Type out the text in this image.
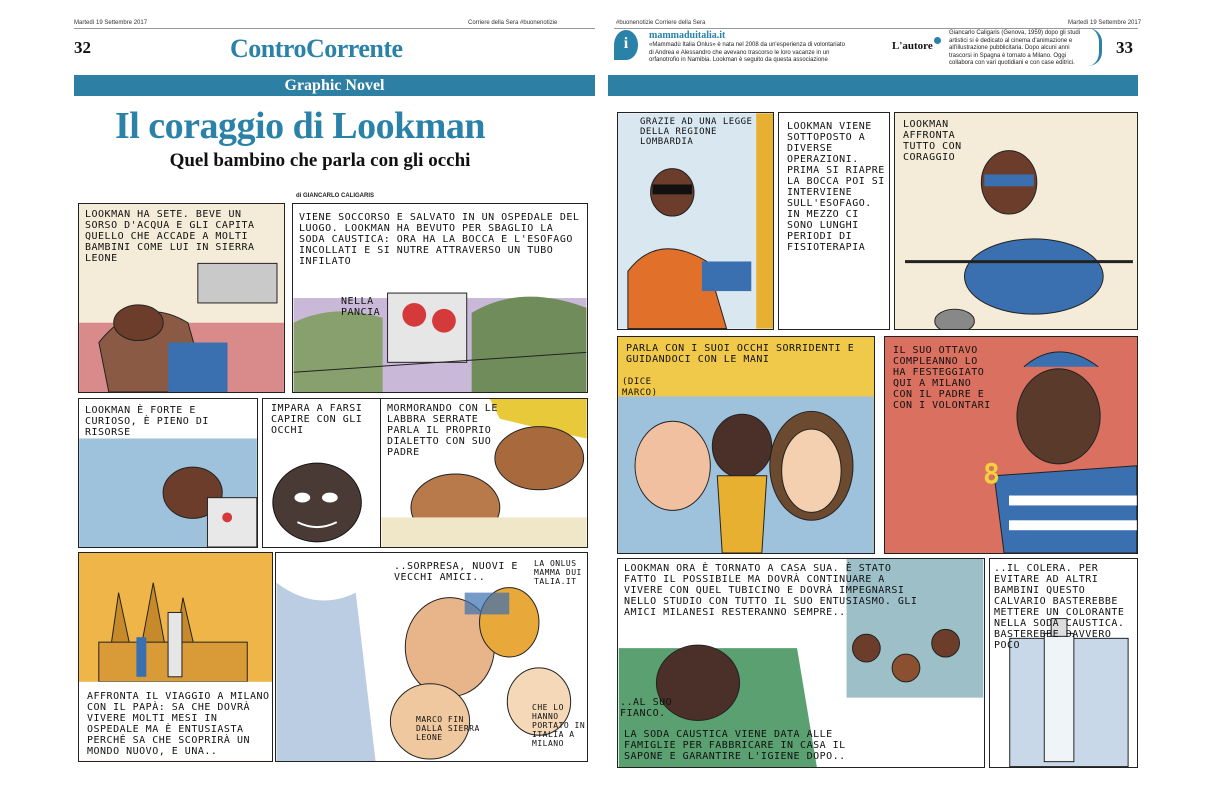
Martedì 19 Settembre 2017	Corriere della Sera #buonenotizie
32	ControCorrente
Graphic Novel
Il coraggio di Lookman
Quel bambino che parla con gli occhi
di GIANCARLO CALIGARIS
LOOKMAN HA SETE. BEVE UN SORSO D'ACQUA E GLI CAPITA QUELLO CHE ACCADE A MOLTI BAMBINI COME LUI IN SIERRA LEONE
VIENE SOCCORSO E SALVATO IN UN OSPEDALE DEL LUOGO. LOOKMAN HA BEVUTO PER SBAGLIO LA SODA CAUSTICA: ORA HA LA BOCCA E L'ESOFAGO INCOLLATI E SI NUTRE ATTRAVERSO UN TUBO INFILATO
NELLA PANCIA
LOOKMAN È FORTE E CURIOSO, È PIENO DI RISORSE
IMPARA A FARSI CAPIRE CON GLI OCCHI
MORMORANDO CON LE LABBRA SERRATE PARLA IL PROPRIO DIALETTO CON SUO PADRE
AFFRONTA IL VIAGGIO A MILANO CON IL PAPÀ: SA CHE DOVRÀ VIVERE MOLTI MESI IN OSPEDALE MA È ENTUSIASTA PERCHÉ SA CHE SCOPRIRÀ UN MONDO NUOVO, E UNA..
..SORPRESA, NUOVI E VECCHI AMICI..
LA ONLUS MAMMA DUI TALIA.IT
MARCO FIN DALLA SIERRA LEONE
CHE LO HANNO PORTATO IN ITALIA A MILANO
#buonenotizie Corriere della Sera	Martedì 19 Settembre 2017
i	mammaduitalia.it
«Mammadù Italia Onlus» è nata nel 2008 da un'esperienza di volontariato di Andrea e Alessandro che avevano trascorso le loro vacanze in un orfanotrofio in Namibia. Lookman è seguito da questa associazione
L'autore
Giancarlo Caligaris (Genova, 1959) dopo gli studi artistici si è dedicato al cinema d'animazione e all'illustrazione pubblicitaria. Dopo alcuni anni trascorsi in Spagna è tornato a Milano. Oggi collabora con vari quotidiani e con case editrici.
33
GRAZIE AD UNA LEGGE DELLA REGIONE LOMBARDIA
LOOKMAN VIENE SOTTOPOSTO A DIVERSE OPERAZIONI.
PRIMA SI RIAPRE LA BOCCA POI SI INTERVIENE SULL'ESOFAGO.
IN MEZZO CI SONO LUNGHI PERIODI DI FISIOTERAPIA
LOOKMAN AFFRONTA TUTTO CON CORAGGIO
PARLA CON I SUOI OCCHI SORRIDENTI E GUIDANDOCI CON LE MANI
(DICE MARCO)
IL SUO OTTAVO COMPLEANNO LO HA FESTEGGIATO QUI A MILANO CON IL PADRE E CON I VOLONTARI
8
LOOKMAN ORA È TORNATO A CASA SUA. È STATO FATTO IL POSSIBILE MA DOVRÀ CONTINUARE A VIVERE CON QUEL TUBICINO E DOVRÀ IMPEGNARSI NELLO STUDIO CON TUTTO IL SUO ENTUSIASMO. GLI AMICI MILANESI RESTERANNO SEMPRE..
..AL SUO FIANCO.
LA SODA CAUSTICA VIENE DATA ALLE FAMIGLIE PER FABBRICARE IN CASA IL SAPONE E GARANTIRE L'IGIENE DOPO..
..IL COLERA. PER EVITARE AD ALTRI BAMBINI QUESTO CALVARIO BASTEREBBE METTERE UN COLORANTE NELLA SODA CAUSTICA. BASTEREBBE DAVVERO POCO
